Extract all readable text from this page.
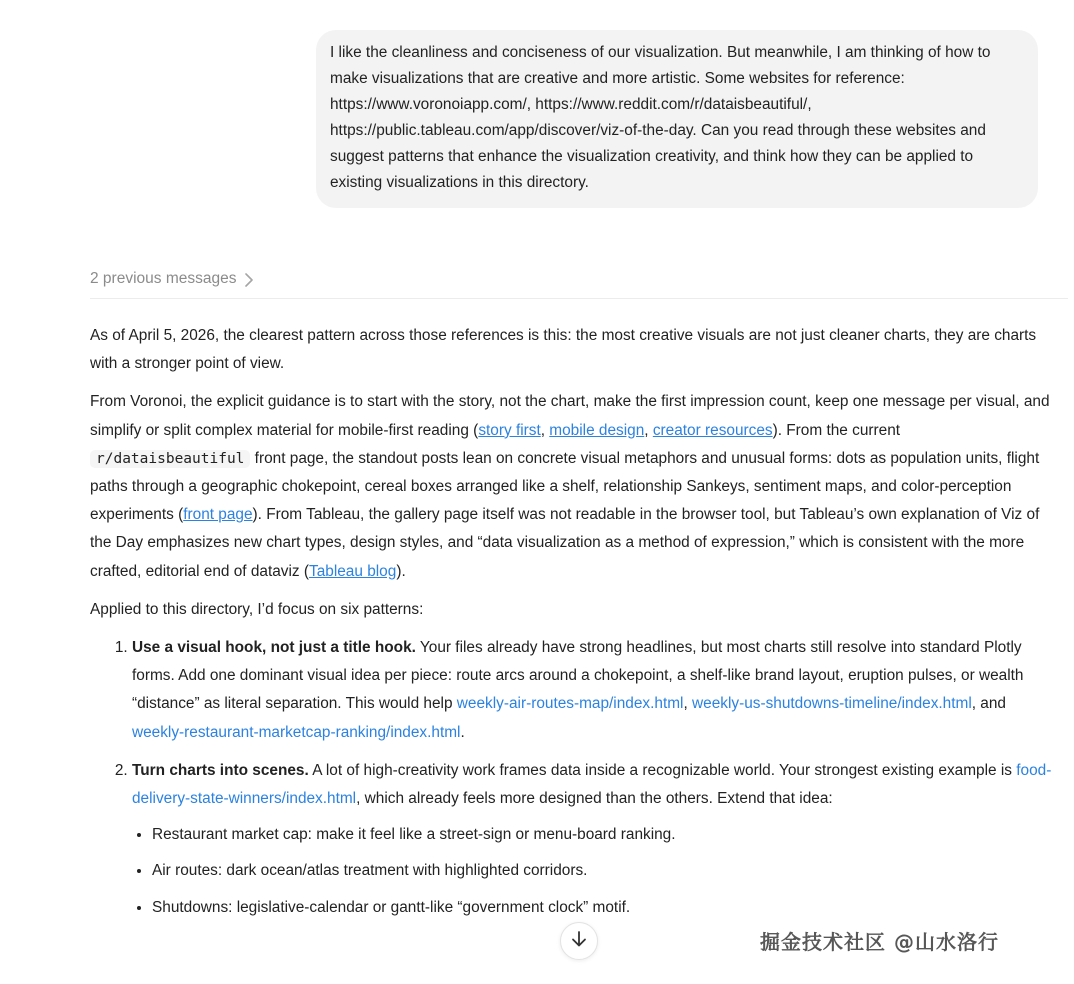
I like the cleanliness and conciseness of our visualization. But meanwhile, I am thinking of how to make visualizations that are creative and more artistic. Some websites for reference: https://www.voronoiapp.com/, https://www.reddit.com/r/dataisbeautiful/, https://public.tableau.com/app/discover/viz-of-the-day. Can you read through these websites and suggest patterns that enhance the visualization creativity, and think how they can be applied to existing visualizations in this directory.
2 previous messages

As of April 5, 2026, the clearest pattern across those references is this: the most creative visuals are not just cleaner charts, they are charts with a stronger point of view.

From Voronoi, the explicit guidance is to start with the story, not the chart, make the first impression count, keep one message per visual, and simplify or split complex material for mobile-first reading (story first, mobile design, creator resources). From the current r/dataisbeautiful front page, the standout posts lean on concrete visual metaphors and unusual forms: dots as population units, flight paths through a geographic chokepoint, cereal boxes arranged like a shelf, relationship Sankeys, sentiment maps, and color-perception experiments (front page). From Tableau, the gallery page itself was not readable in the browser tool, but Tableau’s own explanation of Viz of the Day emphasizes new chart types, design styles, and “data visualization as a method of expression,” which is consistent with the more crafted, editorial end of dataviz (Tableau blog).

Applied to this directory, I’d focus on six patterns:

1. Use a visual hook, not just a title hook. Your files already have strong headlines, but most charts still resolve into standard Plotly forms. Add one dominant visual idea per piece: route arcs around a chokepoint, a shelf-like brand layout, eruption pulses, or wealth “distance” as literal separation. This would help weekly-air-routes-map/index.html, weekly-us-shutdowns-timeline/index.html, and weekly-restaurant-marketcap-ranking/index.html.
2. Turn charts into scenes. A lot of high-creativity work frames data inside a recognizable world. Your strongest existing example is food-delivery-state-winners/index.html, which already feels more designed than the others. Extend that idea:
• Restaurant market cap: make it feel like a street-sign or menu-board ranking.
• Air routes: dark ocean/atlas treatment with highlighted corridors.
• Shutdowns: legislative-calendar or gantt-like “government clock” motif.
掘金技术社区 @山水洛行
